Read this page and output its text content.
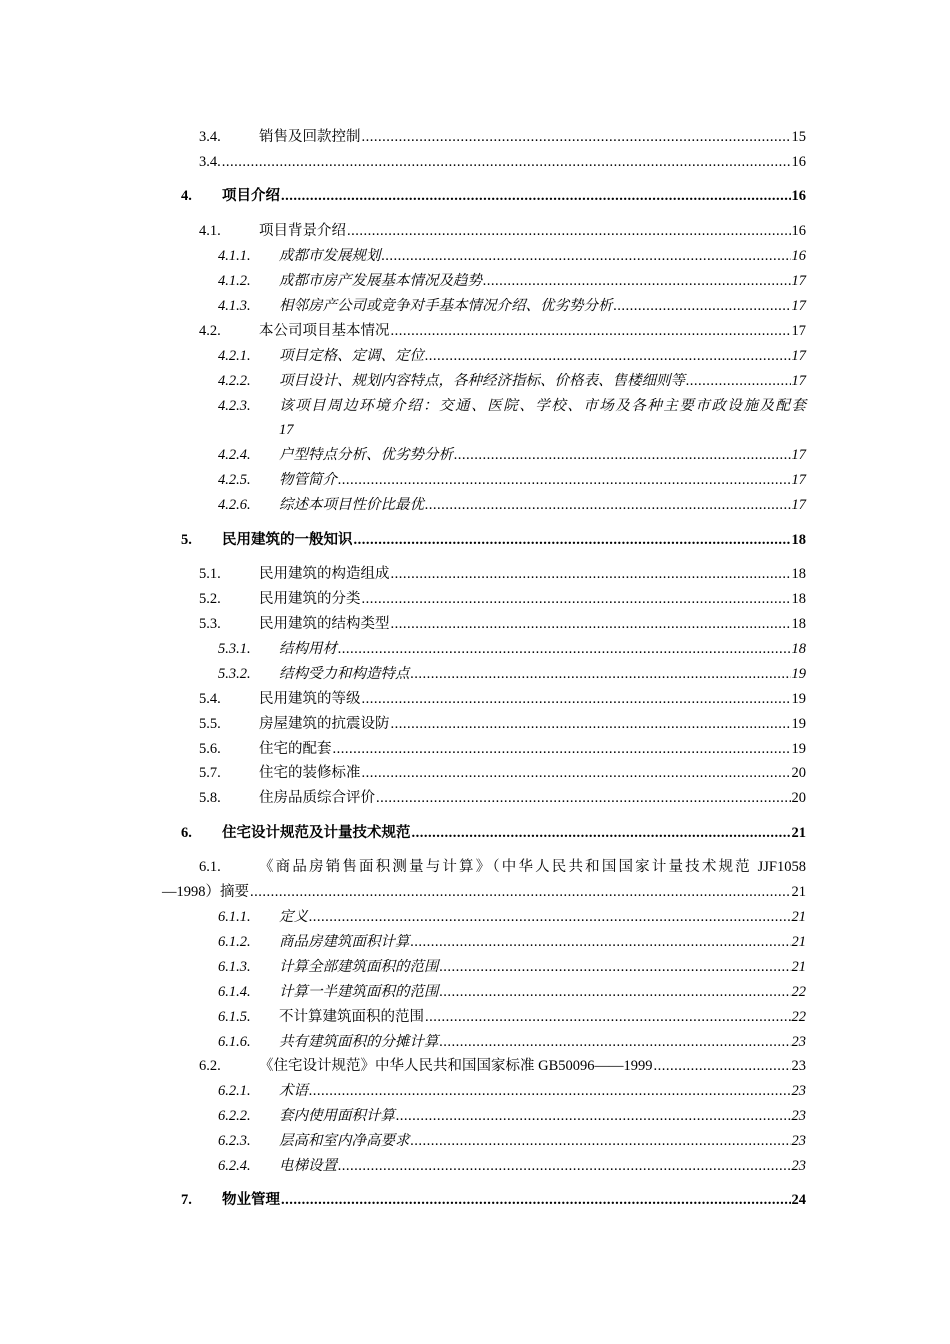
3.4.	销售及回款控制 .....	15
3.4. .....	16
4. 项目介绍 .....	16
4.1.	项目背景介绍 .....	16
4.1.1. 成都市发展规划 .....	16
4.1.2. 成都市房产发展基本情况及趋势 .....	17
4.1.3. 相邻房产公司或竞争对手基本情况介绍、优劣势分析 .....	17
4.2.	本公司项目基本情况 .....	17
4.2.1. 项目定格、定调、定位 .....	17
4.2.2. 项目设计、规划内容特点，各种经济指标、价格表、售楼细则等 .....	17
4.2.3. 该项目周边环境介绍：交通、医院、学校、市场及各种主要市政设施及配套
17
4.2.4. 户型特点分析、优劣势分析 .....	17
4.2.5. 物管简介 .....	17
4.2.6. 综述本项目性价比最优 .....	17
5. 民用建筑的一般知识 .....	18
5.1.	民用建筑的构造组成 .....	18
5.2.	民用建筑的分类 .....	18
5.3.	民用建筑的结构类型 .....	18
5.3.1. 结构用材 .....	18
5.3.2. 结构受力和构造特点 .....	19
5.4.	民用建筑的等级 .....	19
5.5.	房屋建筑的抗震设防 .....	19
5.6.	住宅的配套 .....	19
5.7.	住宅的装修标准 .....	20
5.8.	住房品质综合评价 .....	20
6. 住宅设计规范及计量技术规范 .....	21
6.1.	《商品房销售面积测量与计算》（中华人民共和国国家计量技术规范 JJF1058
—1998）摘要 .....	21
6.1.1. 定义 .....	21
6.1.2. 商品房建筑面积计算 .....	21
6.1.3. 计算全部建筑面积的范围 .....	21
6.1.4. 计算一半建筑面积的范围 .....	22
6.1.5. 不计算建筑面积的范围 .....	22
6.1.6. 共有建筑面积的分摊计算 .....	23
6.2.	《住宅设计规范》中华人民共和国国家标准 GB50096——1999 .....	23
6.2.1. 术语 .....	23
6.2.2. 套内使用面积计算 .....	23
6.2.3. 层高和室内净高要求 .....	23
6.2.4. 电梯设置 .....	23
7. 物业管理 .....	24
